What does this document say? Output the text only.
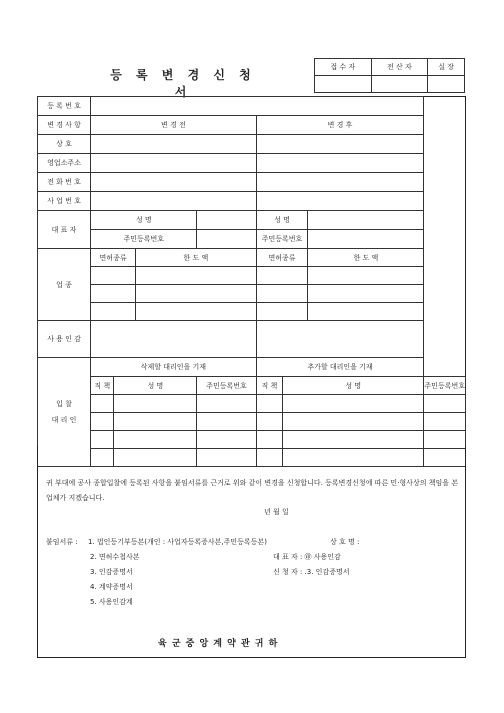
등 록 변 경 신 청 서
접 수 자	전 산 자	실 장

등 록 번 호								
변 경 사 항	변 경 전				변 경 후			
상 호								
영업소주소								
전 화 번 호								
사 업 번 호								
대 표 자	성 명				성 명			
	주민등록번호				주민등록번호			
업 종	면허종류		한 도 액		면허종류		한 도 액	

사 용 인 감								
입 찰
대 리 인	삭제할 대리인을 기재				추가할 대리인을 기재			
	직 책	성 명		주민등록번호	직 책	성 명		주민등록번호

귀 부대에 공사 종합입찰에 등록된 사항을 붙임서류를 근거로 위와 같이 변경을 신청합니다. 등록변경신청에 따른 민·형사상의 책임을 본 업체가 지겠습니다.
년 월 일
붙임서류 : 1. 법인등기부등본(개인 : 사업자등록증사본,주민등록등본)
2. 면허수첩사본
3. 인감증명서
4. 계약증명서
5. 사용인감계
상 호 명 :
대 표 자 : ㊞ 사용인감
신 청 자 : .3. 인감증명서
육 군 중 앙 계 약 관 귀 하
